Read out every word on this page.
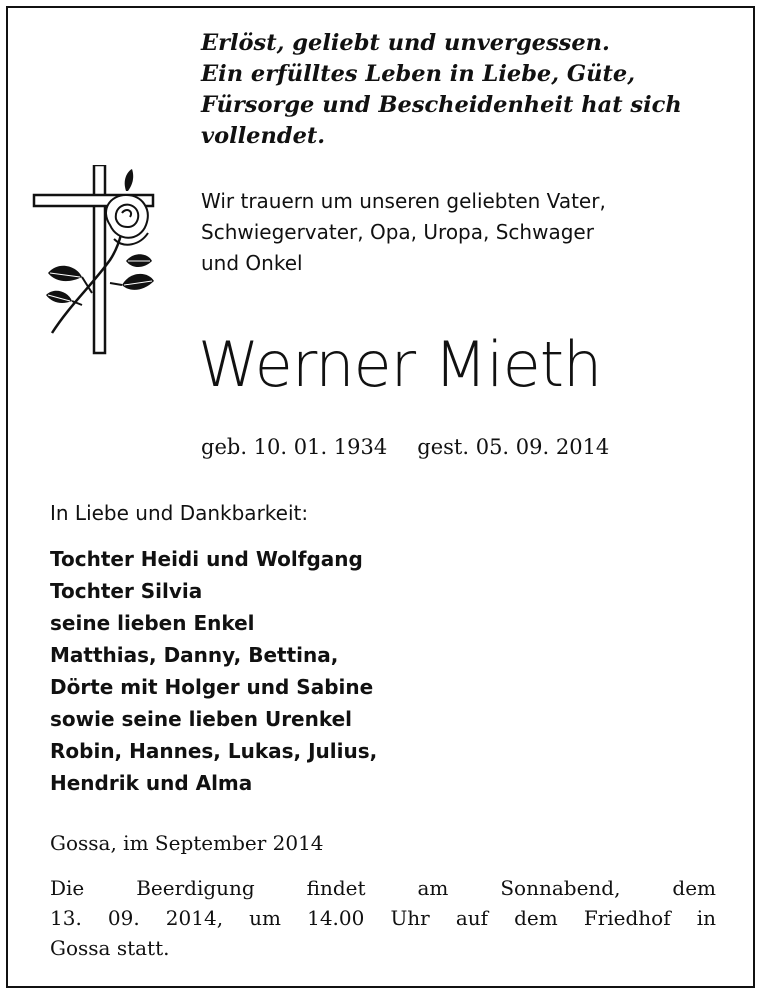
Erlöst, geliebt und unvergessen.
Ein erfülltes Leben in Liebe, Güte,
Fürsorge und Bescheidenheit hat sich
vollendet.
Wir trauern um unseren geliebten Vater,
Schwiegervater, Opa, Uropa, Schwager
und Onkel
Werner Mieth
geb. 10. 01. 1934 gest. 05. 09. 2014
In Liebe und Dankbarkeit:
Tochter Heidi und Wolfgang
Tochter Silvia
seine lieben Enkel
Matthias, Danny, Bettina,
Dörte mit Holger und Sabine
sowie seine lieben Urenkel
Robin, Hannes, Lukas, Julius,
Hendrik und Alma
Gossa, im September 2014
Die Beerdigung findet am Sonnabend, dem
13. 09. 2014, um 14.00 Uhr auf dem Friedhof in
Gossa statt.
